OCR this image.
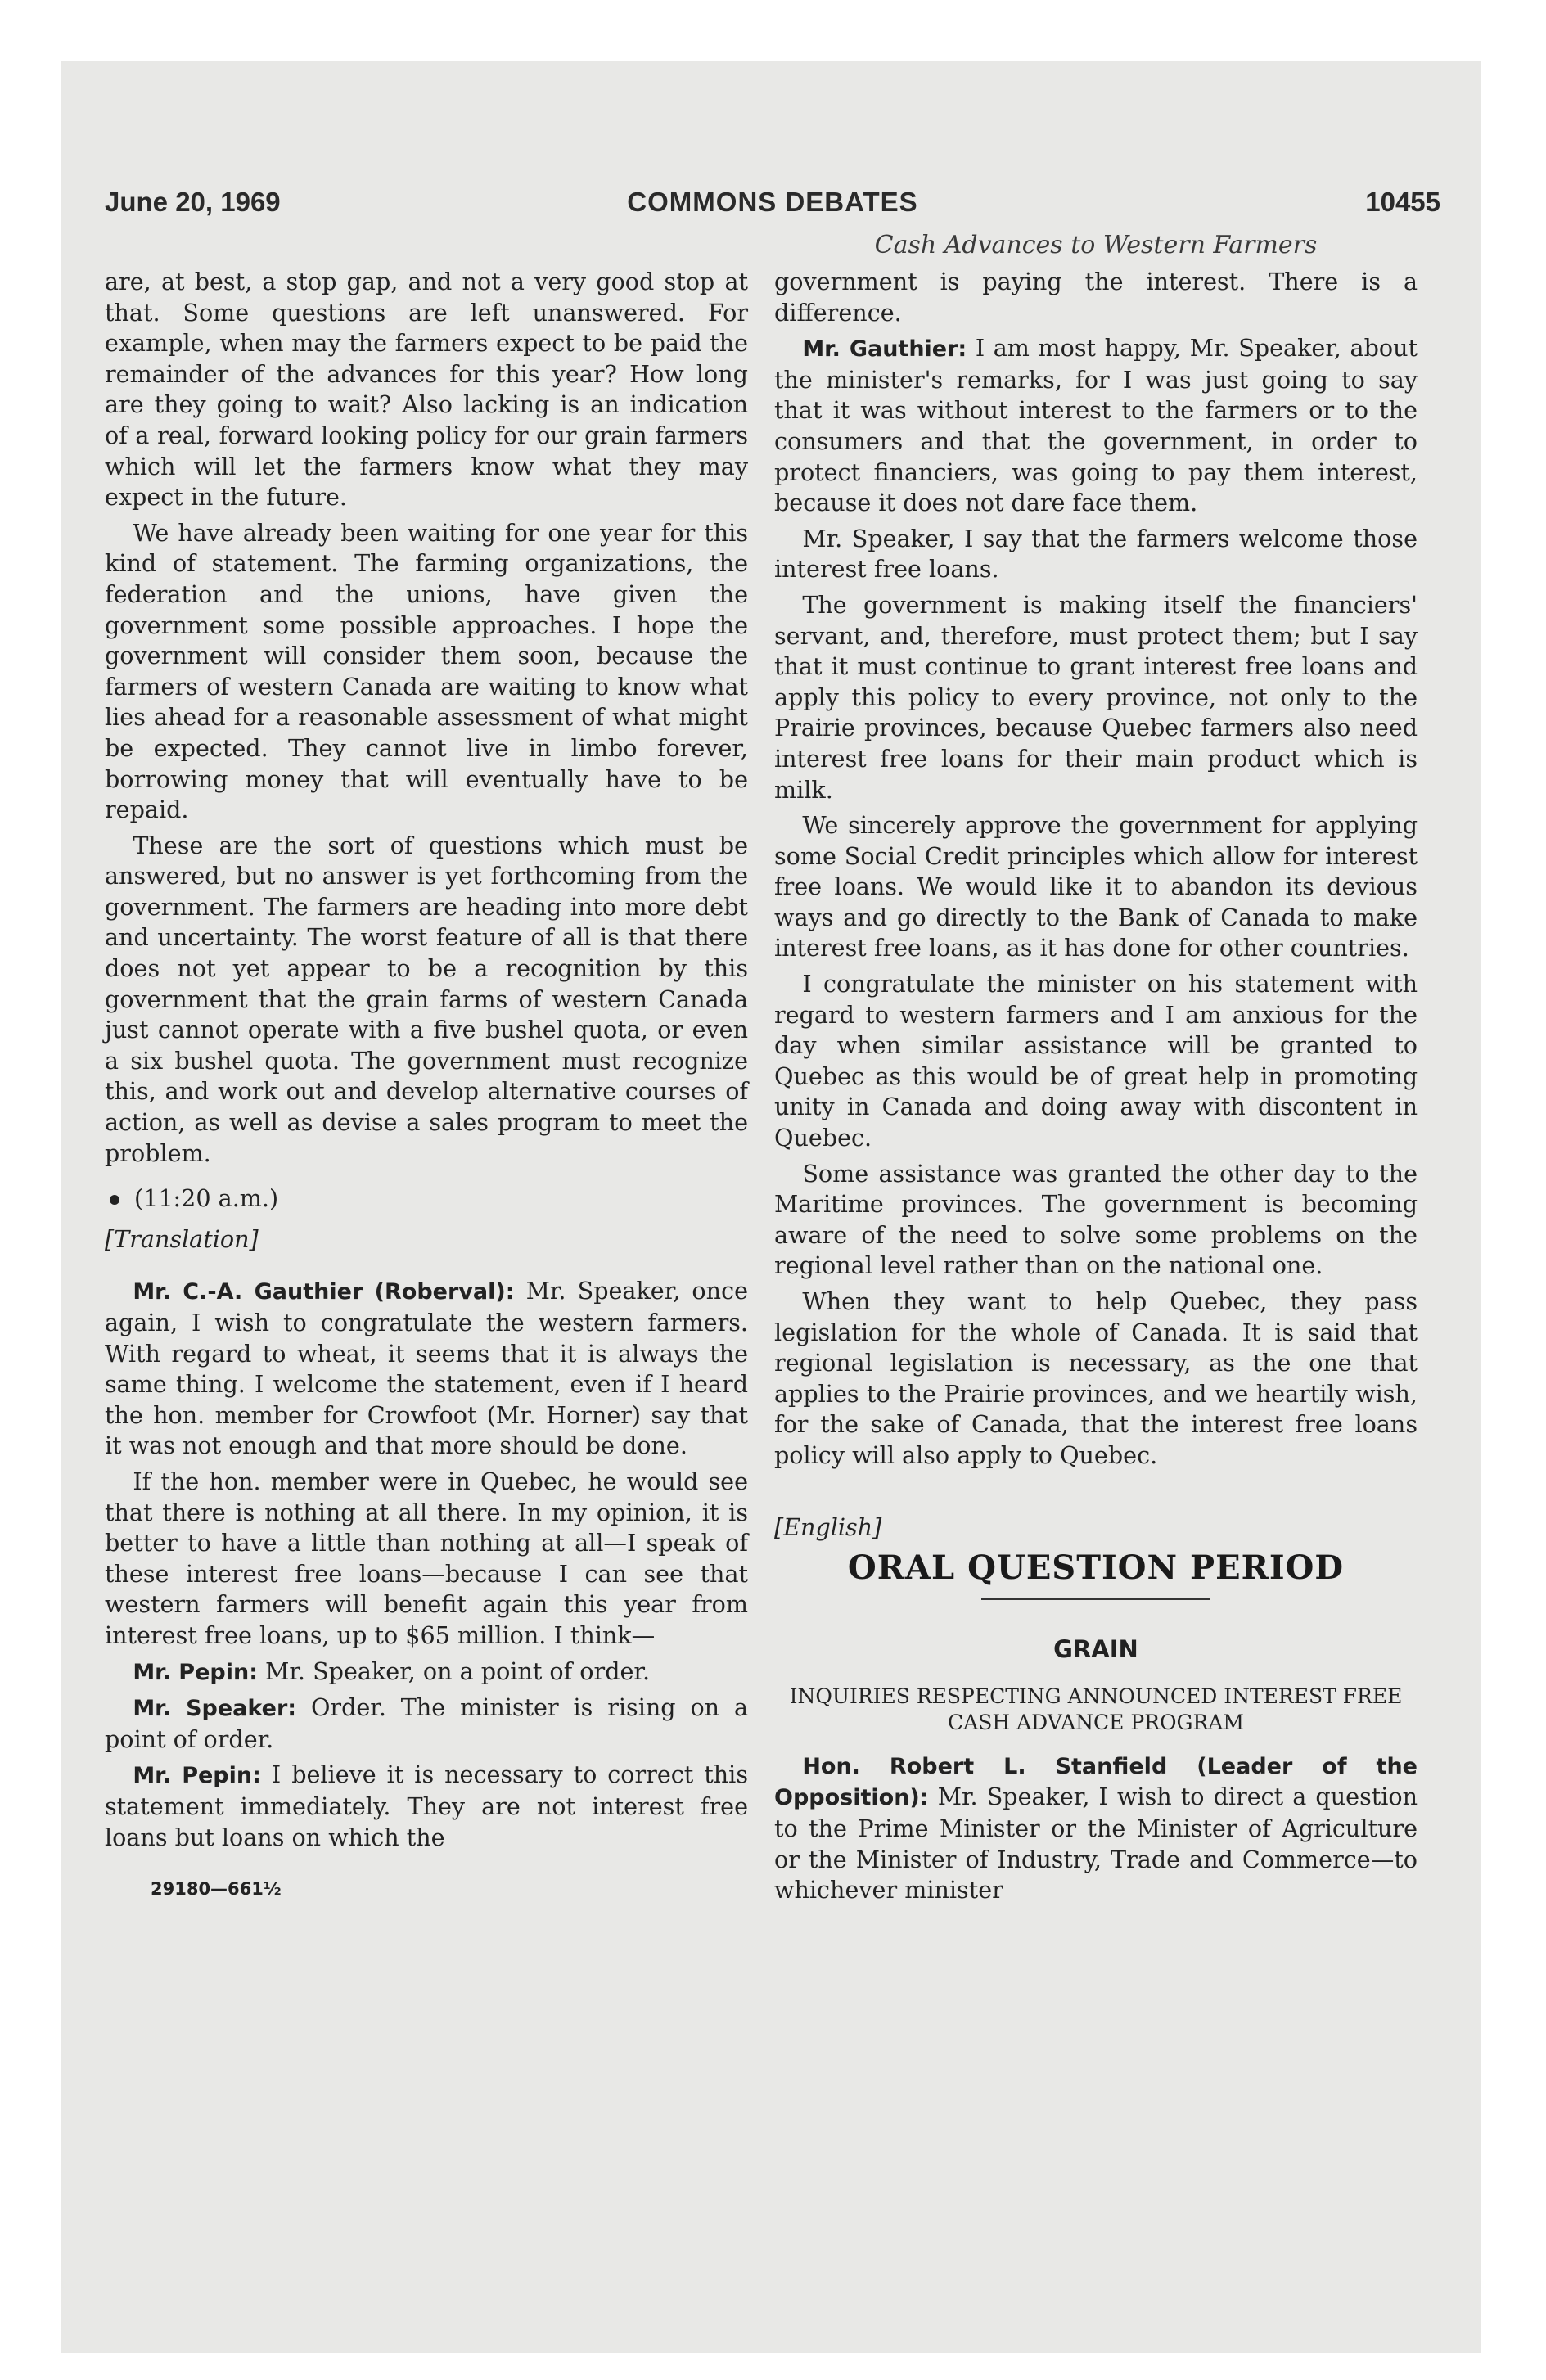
June 20, 1969	COMMONS DEBATES	10455
Cash Advances to Western Farmers

are, at best, a stop gap, and not a very good stop at that. Some questions are left unanswered. For example, when may the farmers expect to be paid the remainder of the advances for this year? How long are they going to wait? Also lacking is an indication of a real, forward looking policy for our grain farmers which will let the farmers know what they may expect in the future.

We have already been waiting for one year for this kind of statement. The farming organizations, the federation and the unions, have given the government some possible approaches. I hope the government will consider them soon, because the farmers of western Canada are waiting to know what lies ahead for a reasonable assessment of what might be expected. They cannot live in limbo forever, borrowing money that will eventually have to be repaid.

These are the sort of questions which must be answered, but no answer is yet forthcoming from the government. The farmers are heading into more debt and uncertainty. The worst feature of all is that there does not yet appear to be a recognition by this government that the grain farms of western Canada just cannot operate with a five bushel quota, or even a six bushel quota. The government must recognize this, and work out and develop alternative courses of action, as well as devise a sales program to meet the problem.

(11:20 a.m.)

[Translation]

Mr. C.-A. Gauthier (Roberval): Mr. Speaker, once again, I wish to congratulate the western farmers. With regard to wheat, it seems that it is always the same thing. I welcome the statement, even if I heard the hon. member for Crowfoot (Mr. Horner) say that it was not enough and that more should be done.

If the hon. member were in Quebec, he would see that there is nothing at all there. In my opinion, it is better to have a little than nothing at all—I speak of these interest free loans—because I can see that western farmers will benefit again this year from interest free loans, up to $65 million. I think—

Mr. Pepin: Mr. Speaker, on a point of order.

Mr. Speaker: Order. The minister is rising on a point of order.

Mr. Pepin: I believe it is necessary to correct this statement immediately. They are not interest free loans but loans on which the

29180—661½

government is paying the interest. There is a difference.

Mr. Gauthier: I am most happy, Mr. Speaker, about the minister's remarks, for I was just going to say that it was without interest to the farmers or to the consumers and that the government, in order to protect financiers, was going to pay them interest, because it does not dare face them.

Mr. Speaker, I say that the farmers welcome those interest free loans.

The government is making itself the financiers' servant, and, therefore, must protect them; but I say that it must continue to grant interest free loans and apply this policy to every province, not only to the Prairie provinces, because Quebec farmers also need interest free loans for their main product which is milk.

We sincerely approve the government for applying some Social Credit principles which allow for interest free loans. We would like it to abandon its devious ways and go directly to the Bank of Canada to make interest free loans, as it has done for other countries.

I congratulate the minister on his statement with regard to western farmers and I am anxious for the day when similar assistance will be granted to Quebec as this would be of great help in promoting unity in Canada and doing away with discontent in Quebec.

Some assistance was granted the other day to the Maritime provinces. The government is becoming aware of the need to solve some problems on the regional level rather than on the national one.

When they want to help Quebec, they pass legislation for the whole of Canada. It is said that regional legislation is necessary, as the one that applies to the Prairie provinces, and we heartily wish, for the sake of Canada, that the interest free loans policy will also apply to Quebec.

[English]

ORAL QUESTION PERIOD

GRAIN

INQUIRIES RESPECTING ANNOUNCED INTEREST FREE CASH ADVANCE PROGRAM

Hon. Robert L. Stanfield (Leader of the Opposition): Mr. Speaker, I wish to direct a question to the Prime Minister or the Minister of Agriculture or the Minister of Industry, Trade and Commerce—to whichever minister
